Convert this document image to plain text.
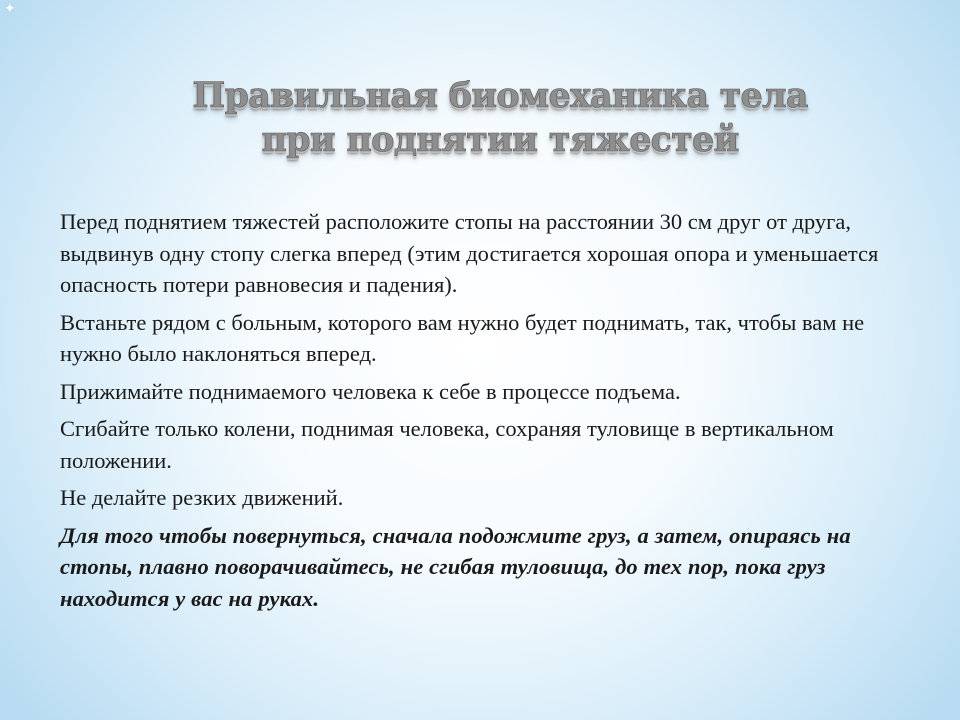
✦
Правильная биомеханика тела
при поднятии тяжестей

Перед поднятием тяжестей расположите стопы на расстоянии 30 см друг от друга, выдвинув одну стопу слегка вперед (этим достигается хорошая опора и уменьшается опасность потери равновесия и падения).

Встаньте рядом с больным, которого вам нужно будет поднимать, так, чтобы вам не нужно было наклоняться вперед.

Прижимайте поднимаемого человека к себе в процессе подъема.

Сгибайте только колени, поднимая человека, сохраняя туловище в вертикальном положении.

Не делайте резких движений.

Для того чтобы повернуться, сначала подожмите груз, а затем, опираясь на стопы, плавно поворачивайтесь, не сгибая туловища, до тех пор, пока груз находится у вас на руках.
